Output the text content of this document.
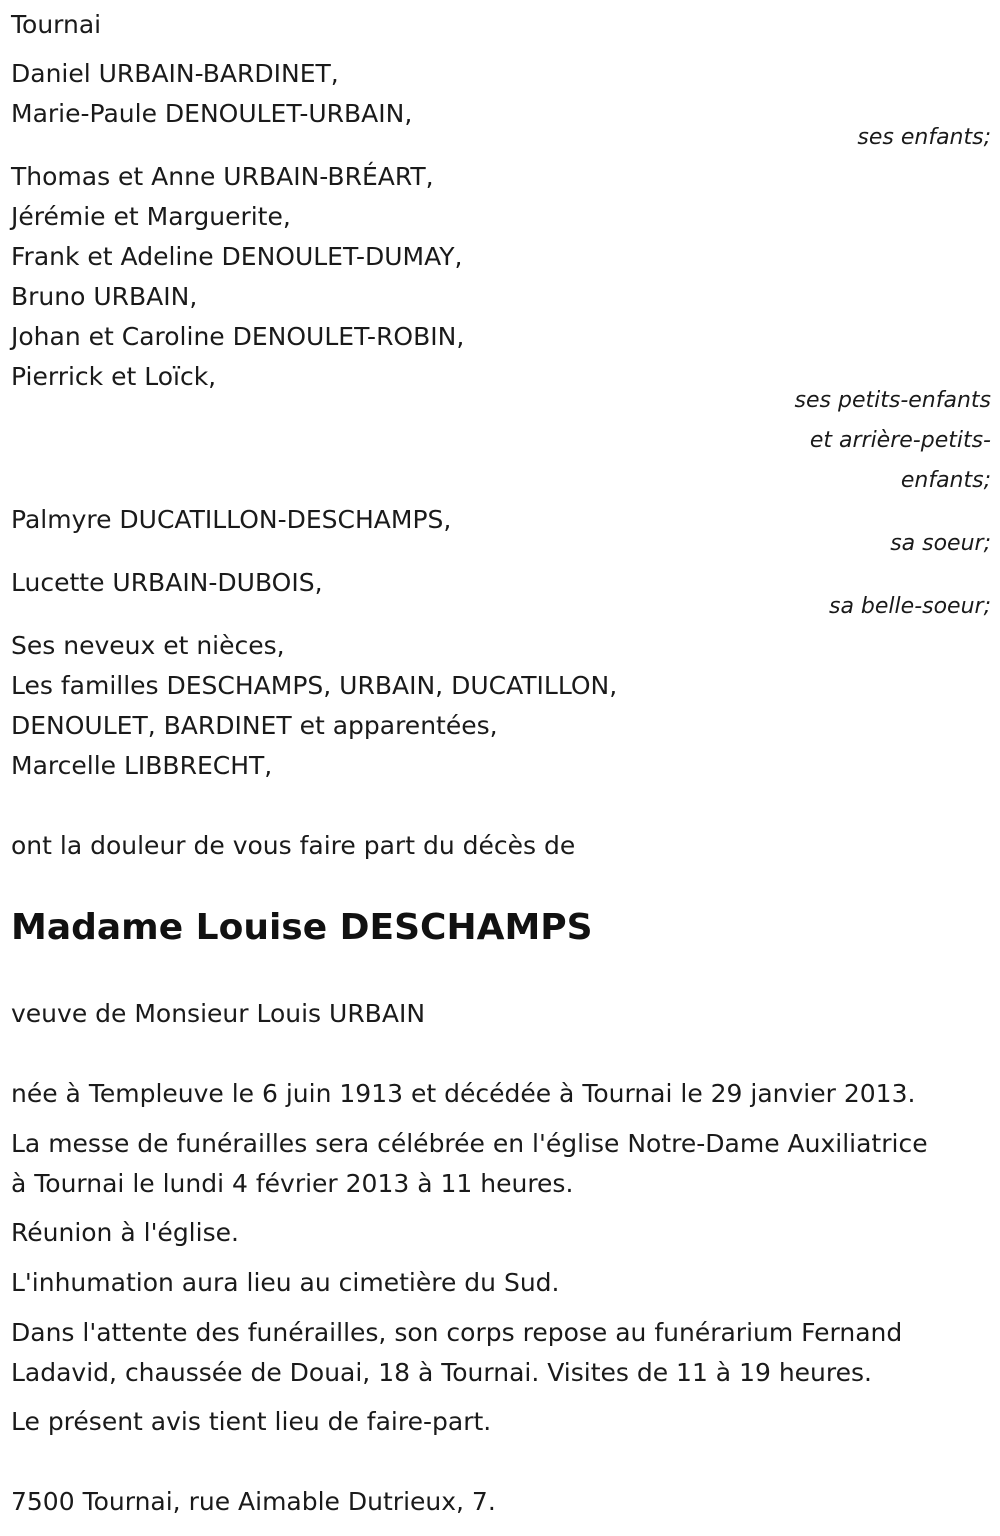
Tournai
Daniel URBAIN-BARDINET,
Marie-Paule DENOULET-URBAIN,
ses enfants;
Thomas et Anne URBAIN-BRÉART,
Jérémie et Marguerite,
Frank et Adeline DENOULET-DUMAY,
Bruno URBAIN,
Johan et Caroline DENOULET-ROBIN,
Pierrick et Loïck,
ses petits-enfants
et arrière-petits-
enfants;
Palmyre DUCATILLON-DESCHAMPS,
sa soeur;
Lucette URBAIN-DUBOIS,
sa belle-soeur;
Ses neveux et nièces,
Les familles DESCHAMPS, URBAIN, DUCATILLON,
DENOULET, BARDINET et apparentées,
Marcelle LIBBRECHT,
ont la douleur de vous faire part du décès de
Madame Louise DESCHAMPS
veuve de Monsieur Louis URBAIN
née à Templeuve le 6 juin 1913 et décédée à Tournai le 29 janvier 2013.
La messe de funérailles sera célébrée en l'église Notre-Dame Auxiliatrice
à Tournai le lundi 4 février 2013 à 11 heures.
Réunion à l'église.
L'inhumation aura lieu au cimetière du Sud.
Dans l'attente des funérailles, son corps repose au funérarium Fernand
Ladavid, chaussée de Douai, 18 à Tournai. Visites de 11 à 19 heures.
Le présent avis tient lieu de faire-part.
7500 Tournai, rue Aimable Dutrieux, 7.
